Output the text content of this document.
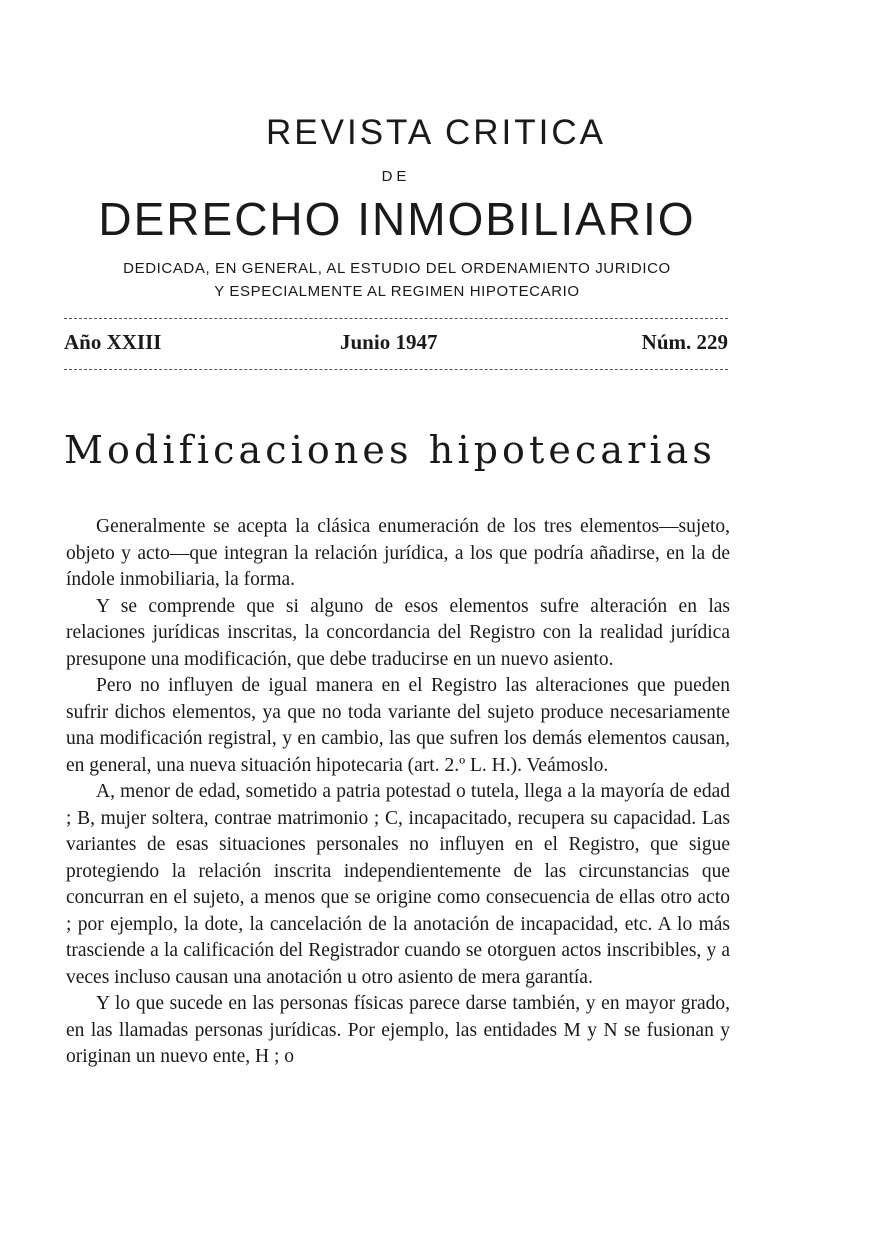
REVISTA CRITICA
DE
DERECHO INMOBILIARIO
DEDICADA, EN GENERAL, AL ESTUDIO DEL ORDENAMIENTO JURIDICO
Y ESPECIALMENTE AL REGIMEN HIPOTECARIO
Año XXIII	Junio 1947	Núm. 229
Modificaciones hipotecarias

Generalmente se acepta la clásica enumeración de los tres elementos—sujeto, objeto y acto—que integran la relación jurídica, a los que podría añadirse, en la de índole inmobiliaria, la forma.

Y se comprende que si alguno de esos elementos sufre alteración en las relaciones jurídicas inscritas, la concordancia del Registro con la realidad jurídica presupone una modificación, que debe traducirse en un nuevo asiento.

Pero no influyen de igual manera en el Registro las alteraciones que pueden sufrir dichos elementos, ya que no toda variante del sujeto produce necesariamente una modificación registral, y en cambio, las que sufren los demás elementos causan, en general, una nueva situación hipotecaria (art. 2.º L. H.). Veámoslo.

A, menor de edad, sometido a patria potestad o tutela, llega a la mayoría de edad ; B, mujer soltera, contrae matrimonio ; C, incapacitado, recupera su capacidad. Las variantes de esas situaciones personales no influyen en el Registro, que sigue protegiendo la relación inscrita independientemente de las circunstancias que concurran en el sujeto, a menos que se origine como consecuencia de ellas otro acto ; por ejemplo, la dote, la cancelación de la anotación de incapacidad, etc. A lo más trasciende a la calificación del Registrador cuando se otorguen actos inscribibles, y a veces incluso causan una anotación u otro asiento de mera garantía.

Y lo que sucede en las personas físicas parece darse también, y en mayor grado, en las llamadas personas jurídicas. Por ejemplo, las entidades M y N se fusionan y originan un nuevo ente, H ; o
